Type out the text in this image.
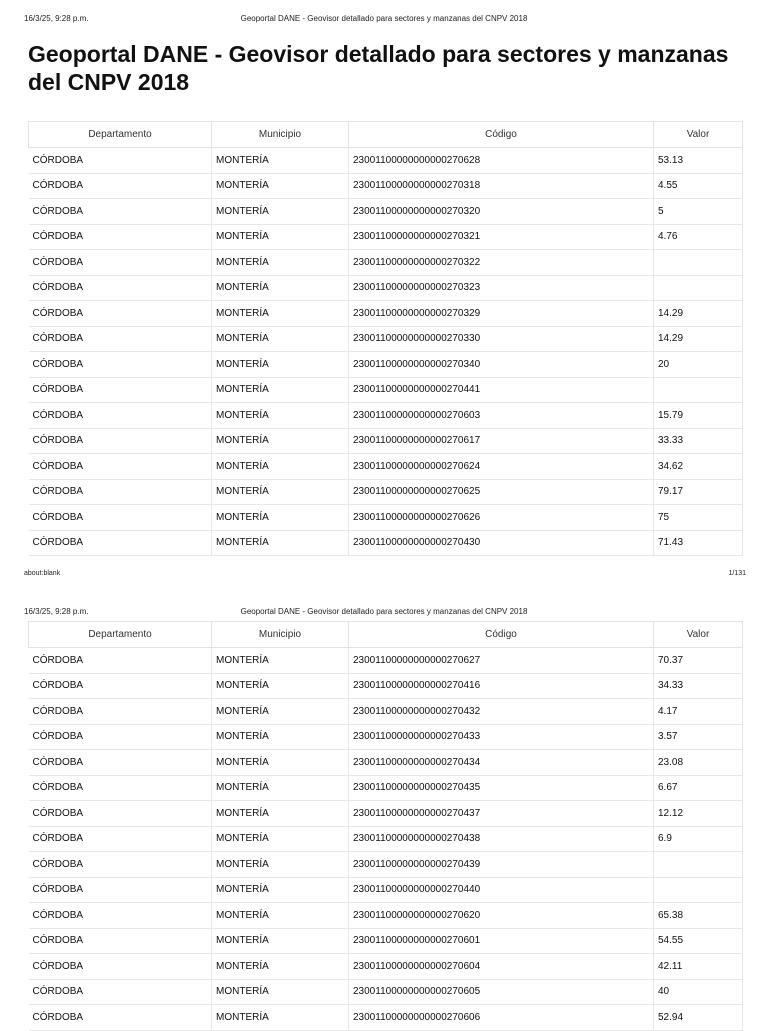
16/3/25, 9:28 p.m.	Geoportal DANE - Geovisor detallado para sectores y manzanas del CNPV 2018
Geoportal DANE - Geovisor detallado para sectores y manzanas del CNPV 2018
Departamento	Municipio	Código	Valor
CÓRDOBA	MONTERÍA	23001100000000000270628	53.13
CÓRDOBA	MONTERÍA	23001100000000000270318	4.55
CÓRDOBA	MONTERÍA	23001100000000000270320	5
CÓRDOBA	MONTERÍA	23001100000000000270321	4.76
CÓRDOBA	MONTERÍA	23001100000000000270322	
CÓRDOBA	MONTERÍA	23001100000000000270323	
CÓRDOBA	MONTERÍA	23001100000000000270329	14.29
CÓRDOBA	MONTERÍA	23001100000000000270330	14.29
CÓRDOBA	MONTERÍA	23001100000000000270340	20
CÓRDOBA	MONTERÍA	23001100000000000270441	
CÓRDOBA	MONTERÍA	23001100000000000270603	15.79
CÓRDOBA	MONTERÍA	23001100000000000270617	33.33
CÓRDOBA	MONTERÍA	23001100000000000270624	34.62
CÓRDOBA	MONTERÍA	23001100000000000270625	79.17
CÓRDOBA	MONTERÍA	23001100000000000270626	75
CÓRDOBA	MONTERÍA	23001100000000000270430	71.43
about:blank	1/131
16/3/25, 9:28 p.m.	Geoportal DANE - Geovisor detallado para sectores y manzanas del CNPV 2018
Departamento	Municipio	Código	Valor
CÓRDOBA	MONTERÍA	23001100000000000270627	70.37
CÓRDOBA	MONTERÍA	23001100000000000270416	34.33
CÓRDOBA	MONTERÍA	23001100000000000270432	4.17
CÓRDOBA	MONTERÍA	23001100000000000270433	3.57
CÓRDOBA	MONTERÍA	23001100000000000270434	23.08
CÓRDOBA	MONTERÍA	23001100000000000270435	6.67
CÓRDOBA	MONTERÍA	23001100000000000270437	12.12
CÓRDOBA	MONTERÍA	23001100000000000270438	6.9
CÓRDOBA	MONTERÍA	23001100000000000270439	
CÓRDOBA	MONTERÍA	23001100000000000270440	
CÓRDOBA	MONTERÍA	23001100000000000270620	65.38
CÓRDOBA	MONTERÍA	23001100000000000270601	54.55
CÓRDOBA	MONTERÍA	23001100000000000270604	42.11
CÓRDOBA	MONTERÍA	23001100000000000270605	40
CÓRDOBA	MONTERÍA	23001100000000000270606	52.94
